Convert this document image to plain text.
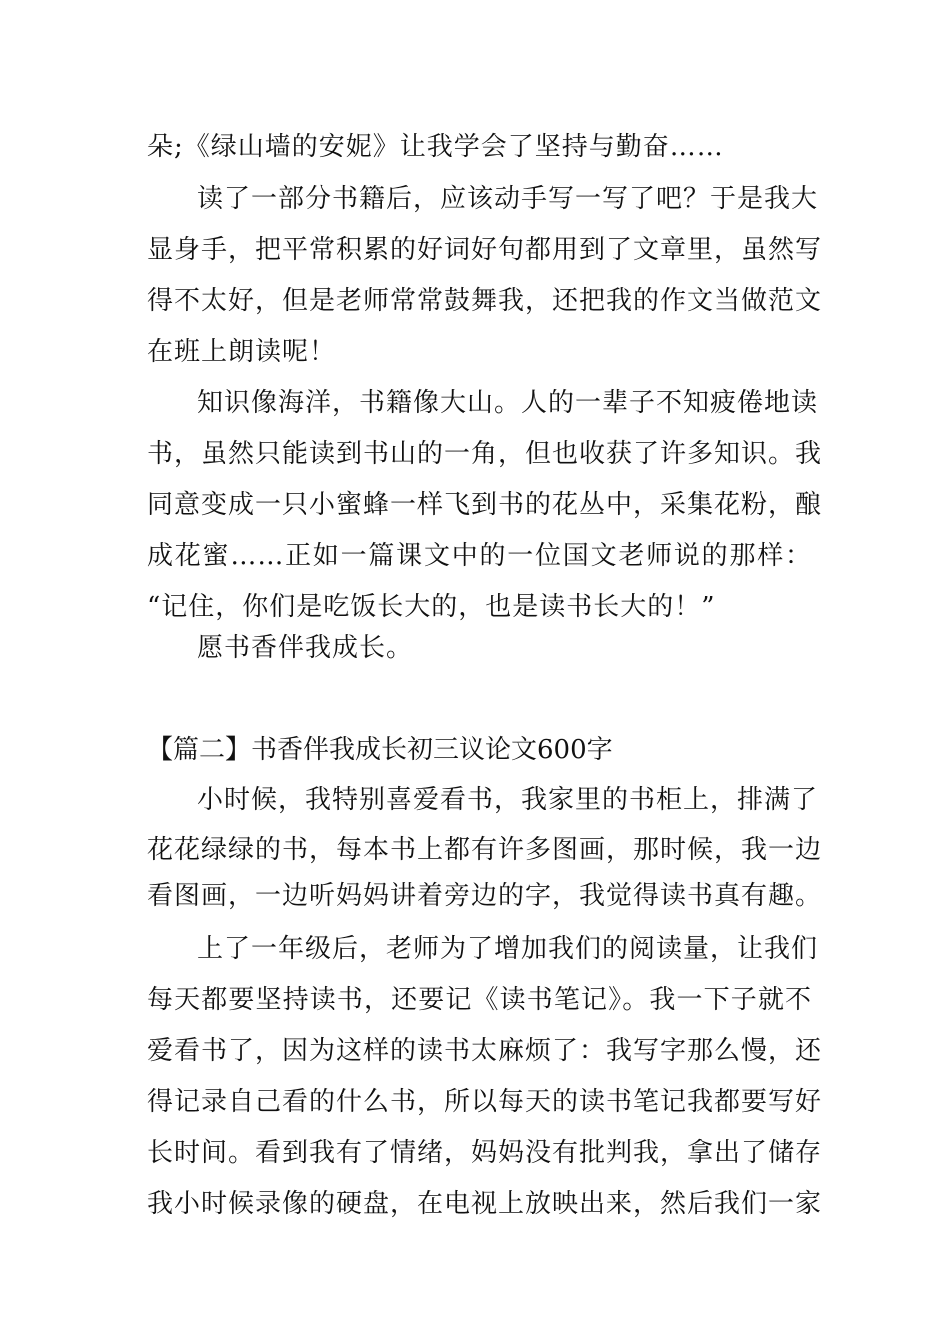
朵;《绿山墙的安妮》让我学会了坚持与勤奋……
读了一部分书籍后，应该动手写一写了吧？于是我大
显身手，把平常积累的好词好句都用到了文章里，虽然写
得不太好，但是老师常常鼓舞我，还把我的作文当做范文
在班上朗读呢！
知识像海洋，书籍像大山。人的一辈子不知疲倦地读
书，虽然只能读到书山的一角，但也收获了许多知识。我
同意变成一只小蜜蜂一样飞到书的花丛中，采集花粉，酿
成花蜜……正如一篇课文中的一位国文老师说的那样：
“记住，你们是吃饭长大的，也是读书长大的！”
愿书香伴我成长。
【篇二】书香伴我成长初三议论文600字
小时候，我特别喜爱看书，我家里的书柜上，排满了
花花绿绿的书，每本书上都有许多图画，那时候，我一边
看图画，一边听妈妈讲着旁边的字，我觉得读书真有趣。
上了一年级后，老师为了增加我们的阅读量，让我们
每天都要坚持读书，还要记《读书笔记》。我一下子就不
爱看书了，因为这样的读书太麻烦了：我写字那么慢，还
得记录自己看的什么书，所以每天的读书笔记我都要写好
长时间。看到我有了情绪，妈妈没有批判我，拿出了储存
我小时候录像的硬盘，在电视上放映出来，然后我们一家
